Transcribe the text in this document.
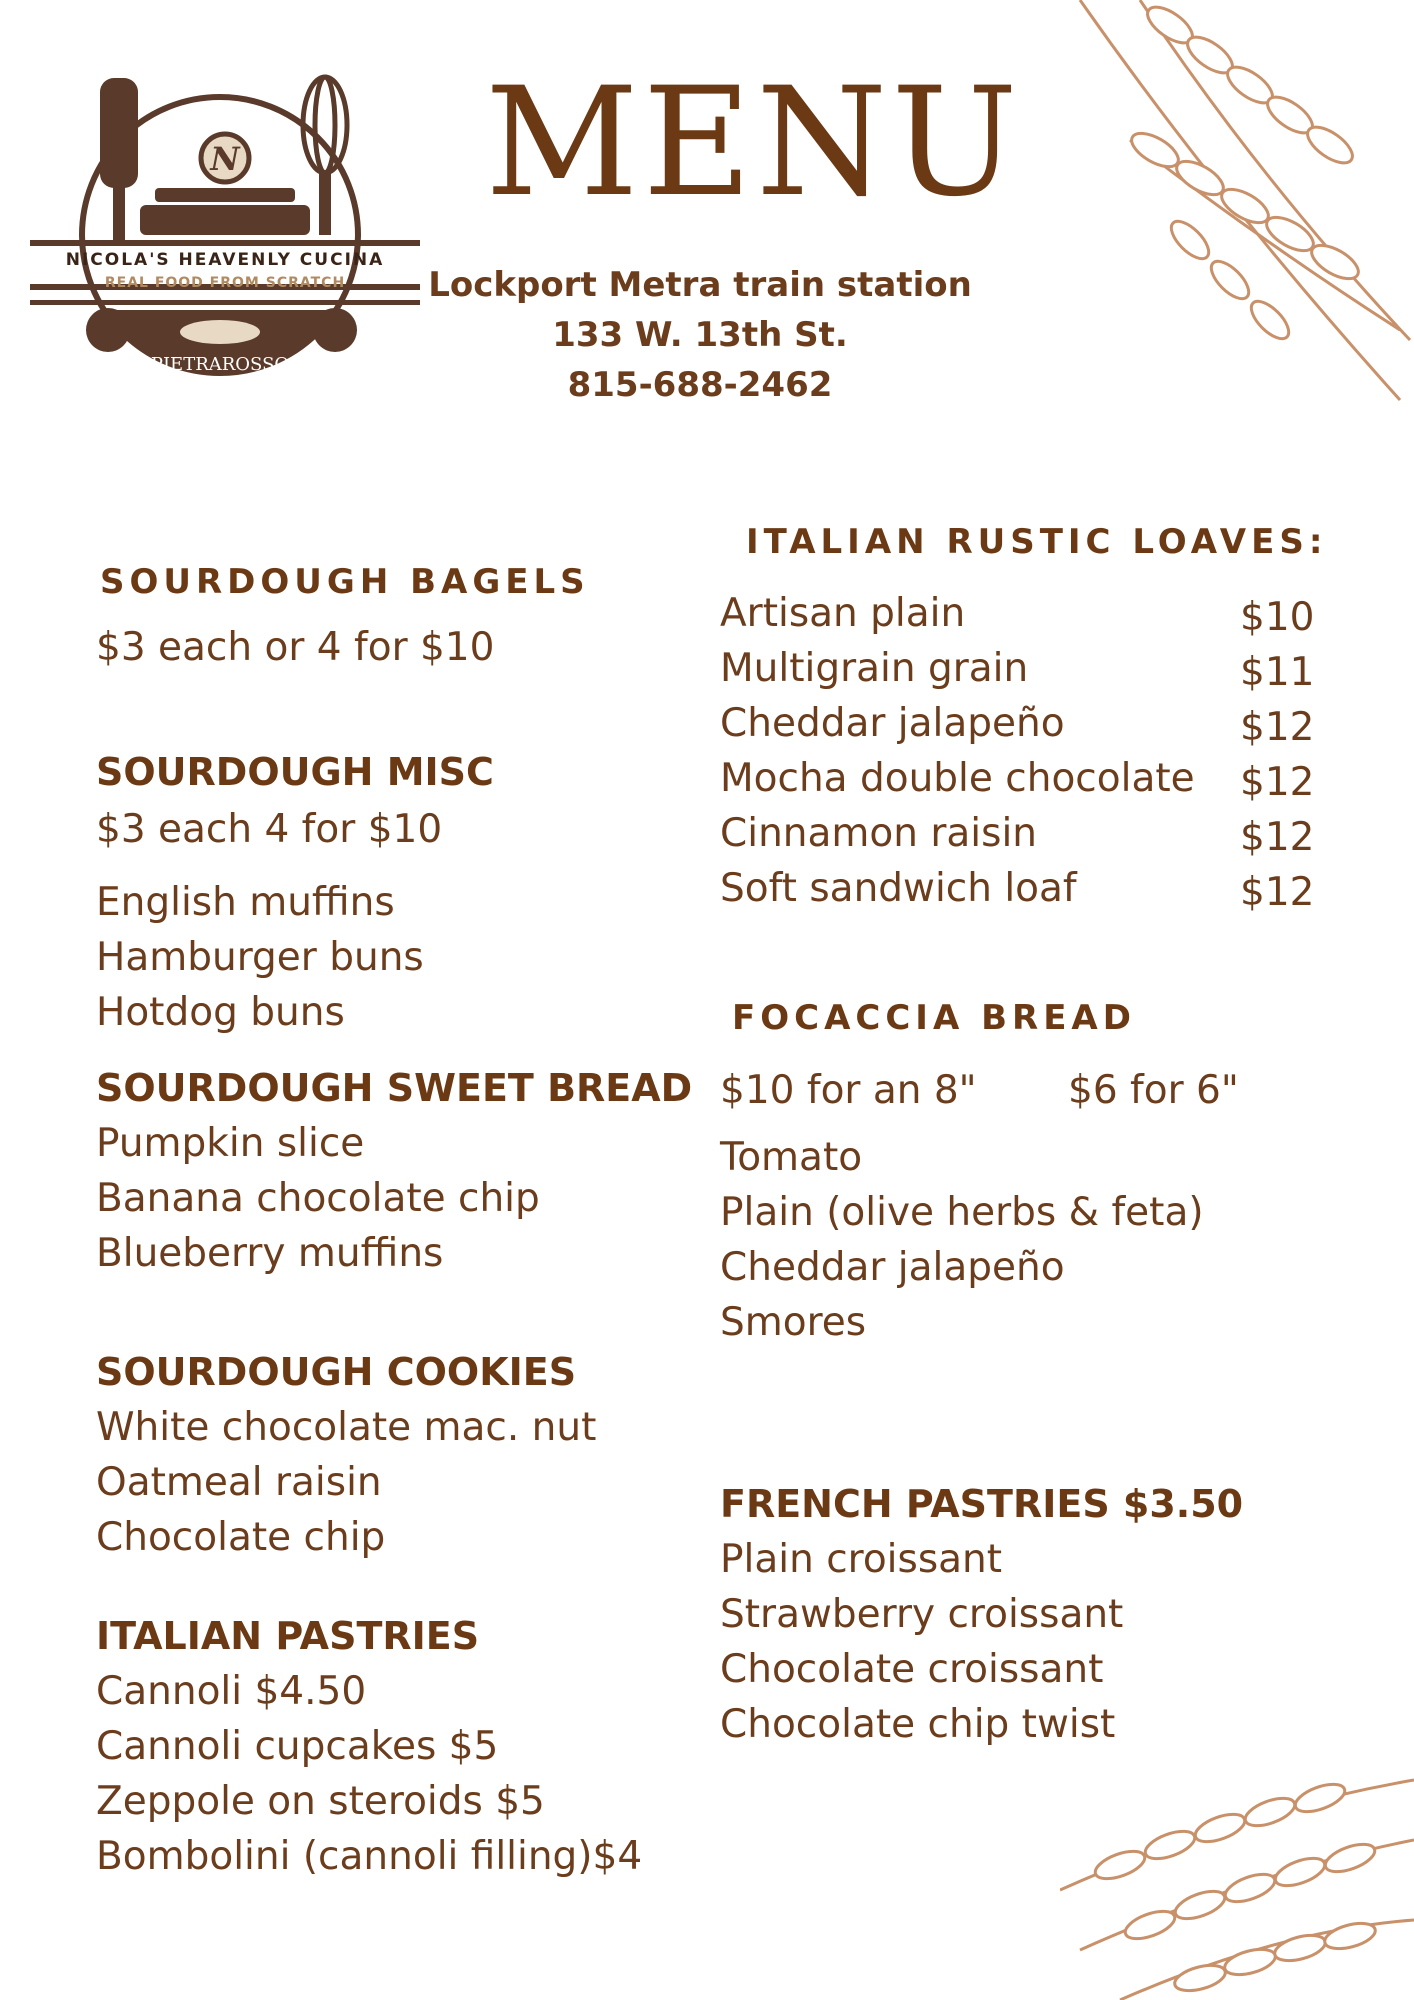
N
PIETRAROSSO
NICOLA'S HEAVENLY CUCINA
REAL FOOD FROM SCRATCH
MENU
Lockport Metra train station
133 W. 13th St.
815-688-2462
SOURDOUGH BAGELS
$3 each or 4 for $10
SOURDOUGH MISC
$3 each 4 for $10
English muffins
Hamburger buns
Hotdog buns
SOURDOUGH SWEET BREAD
Pumpkin slice
Banana chocolate chip
Blueberry muffins
SOURDOUGH COOKIES
White chocolate mac. nut
Oatmeal raisin
Chocolate chip
ITALIAN PASTRIES
Cannoli $4.50
Cannoli cupcakes $5
Zeppole on steroids $5
Bombolini (cannoli filling)$4
ITALIAN RUSTIC LOAVES:
Artisan plain
Multigrain grain
Cheddar jalapeño
Mocha double chocolate
Cinnamon raisin
Soft sandwich loaf
$10
$11
$12
$12
$12
$12
FOCACCIA BREAD
$10 for an 8" $6 for 6"
Tomato
Plain (olive herbs & feta)
Cheddar jalapeño
Smores
FRENCH PASTRIES $3.50
Plain croissant
Strawberry croissant
Chocolate croissant
Chocolate chip twist
